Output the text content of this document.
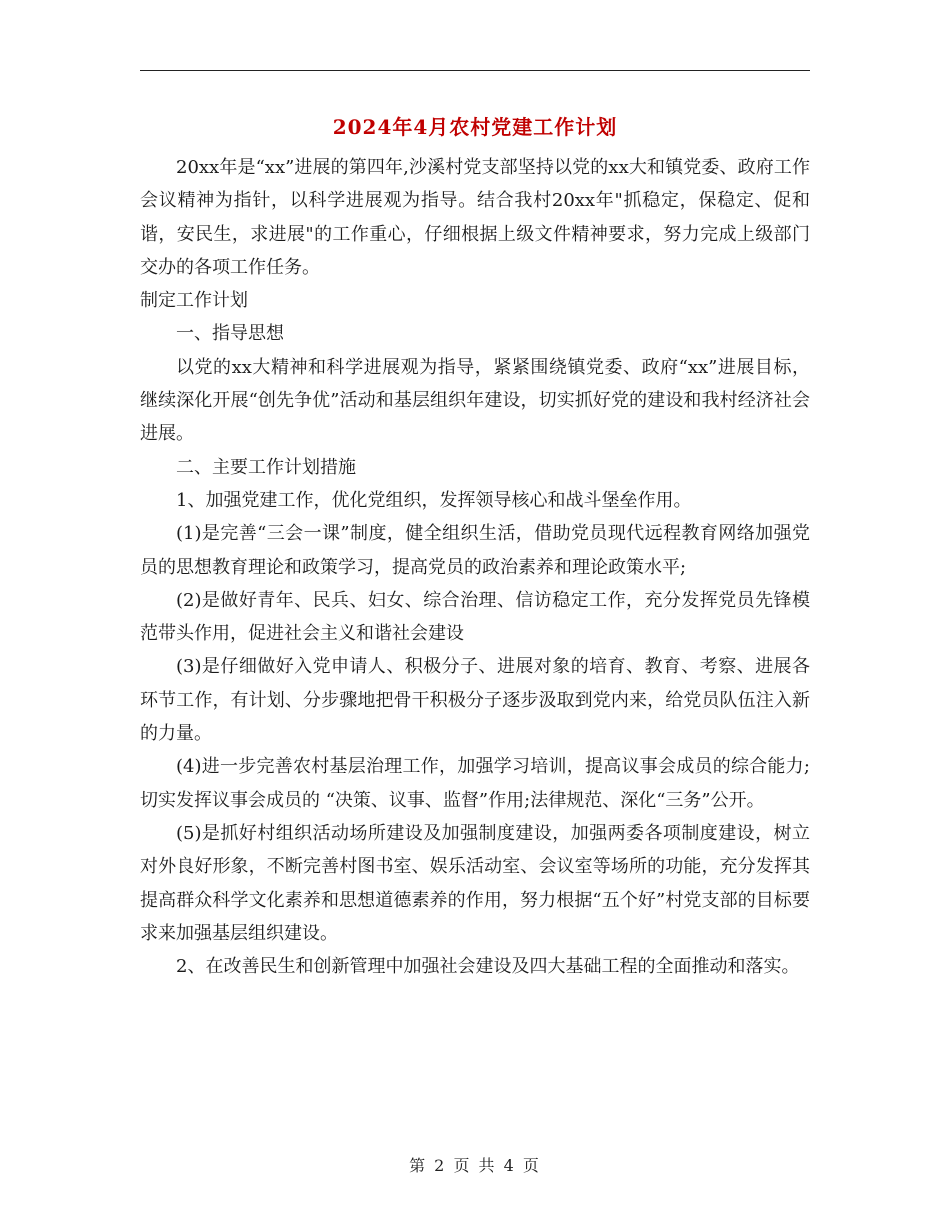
2024年4月农村党建工作计划

20xx年是“xx”进展的第四年,沙溪村党支部坚持以党的xx大和镇党委、政府工作会议精神为指针，以科学进展观为指导。结合我村20xx年"抓稳定，保稳定、促和谐，安民生，求进展"的工作重心，仔细根据上级文件精神要求，努力完成上级部门交办的各项工作任务。

制定工作计划

一、指导思想

以党的xx大精神和科学进展观为指导，紧紧围绕镇党委、政府“xx”进展目标，继续深化开展“创先争优”活动和基层组织年建设，切实抓好党的建设和我村经济社会进展。

二、主要工作计划措施

1、加强党建工作，优化党组织，发挥领导核心和战斗堡垒作用。

(1)是完善“三会一课”制度，健全组织生活，借助党员现代远程教育网络加强党员的思想教育理论和政策学习，提高党员的政治素养和理论政策水平;

(2)是做好青年、民兵、妇女、综合治理、信访稳定工作，充分发挥党员先锋模范带头作用，促进社会主义和谐社会建设

(3)是仔细做好入党申请人、积极分子、进展对象的培育、教育、考察、进展各环节工作，有计划、分步骤地把骨干积极分子逐步汲取到党内来，给党员队伍注入新的力量。

(4)进一步完善农村基层治理工作，加强学习培训，提高议事会成员的综合能力;切实发挥议事会成员的 “决策、议事、监督”作用;法律规范、深化“三务”公开。

(5)是抓好村组织活动场所建设及加强制度建设，加强两委各项制度建设，树立对外良好形象，不断完善村图书室、娱乐活动室、会议室等场所的功能，充分发挥其提高群众科学文化素养和思想道德素养的作用，努力根据“五个好”村党支部的目标要求来加强基层组织建设。

2、在改善民生和创新管理中加强社会建设及四大基础工程的全面推动和落实。

第 2 页 共 4 页
